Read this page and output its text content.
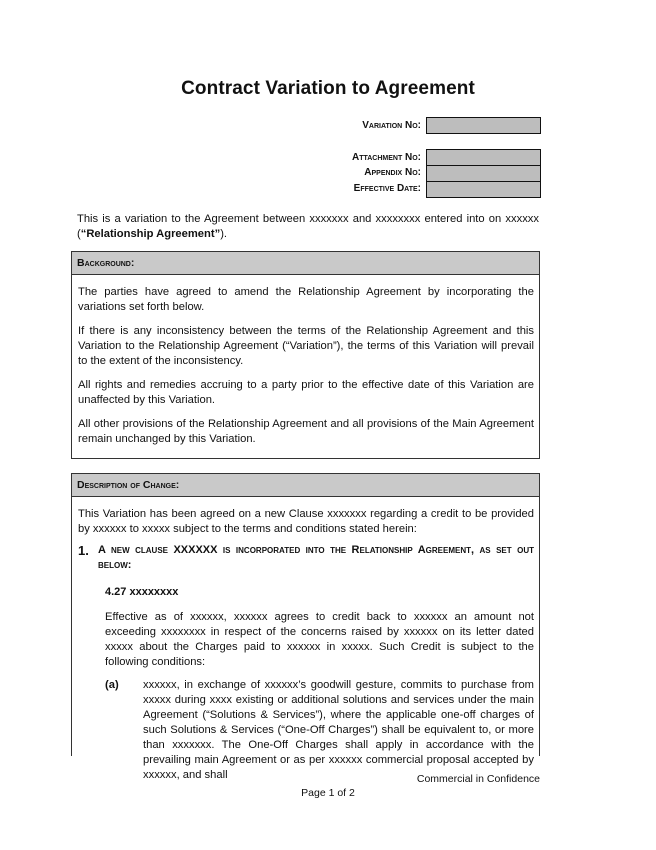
Contract Variation to Agreement
Variation No:
Attachment No:
Appendix No:
Effective Date:
This is a variation to the Agreement between xxxxxxx and xxxxxxxx entered into on xxxxxx (“Relationship Agreement”).
Background:

The parties have agreed to amend the Relationship Agreement by incorporating the variations set forth below.

If there is any inconsistency between the terms of the Relationship Agreement and this Variation to the Relationship Agreement (“Variation”), the terms of this Variation will prevail to the extent of the inconsistency.

All rights and remedies accruing to a party prior to the effective date of this Variation are unaffected by this Variation.

All other provisions of the Relationship Agreement and all provisions of the Main Agreement remain unchanged by this Variation.

Description of Change:

This Variation has been agreed on a new Clause xxxxxxx regarding a credit to be provided by xxxxxx to xxxxx subject to the terms and conditions stated herein:

1. A new clause XXXXXX is incorporated into the Relationship Agreement, as set out below:
4.27 xxxxxxxx
Effective as of xxxxxx, xxxxxx agrees to credit back to xxxxxx an amount not exceeding xxxxxxxx in respect of the concerns raised by xxxxxx on its letter dated xxxxx about the Charges paid to xxxxxx in xxxxx. Such Credit is subject to the following conditions:
(a)	xxxxxx, in exchange of xxxxxx’s goodwill gesture, commits to purchase from xxxxx during xxxx existing or additional solutions and services under the main Agreement (“Solutions & Services”), where the applicable one-off charges of such Solutions & Services (“One-Off Charges”) shall be equivalent to, or more than xxxxxxx. The One-Off Charges shall apply in accordance with the prevailing main Agreement or as per xxxxxx commercial proposal accepted by xxxxxx, and shall	Commercial in Confidence
Page 1 of 2
